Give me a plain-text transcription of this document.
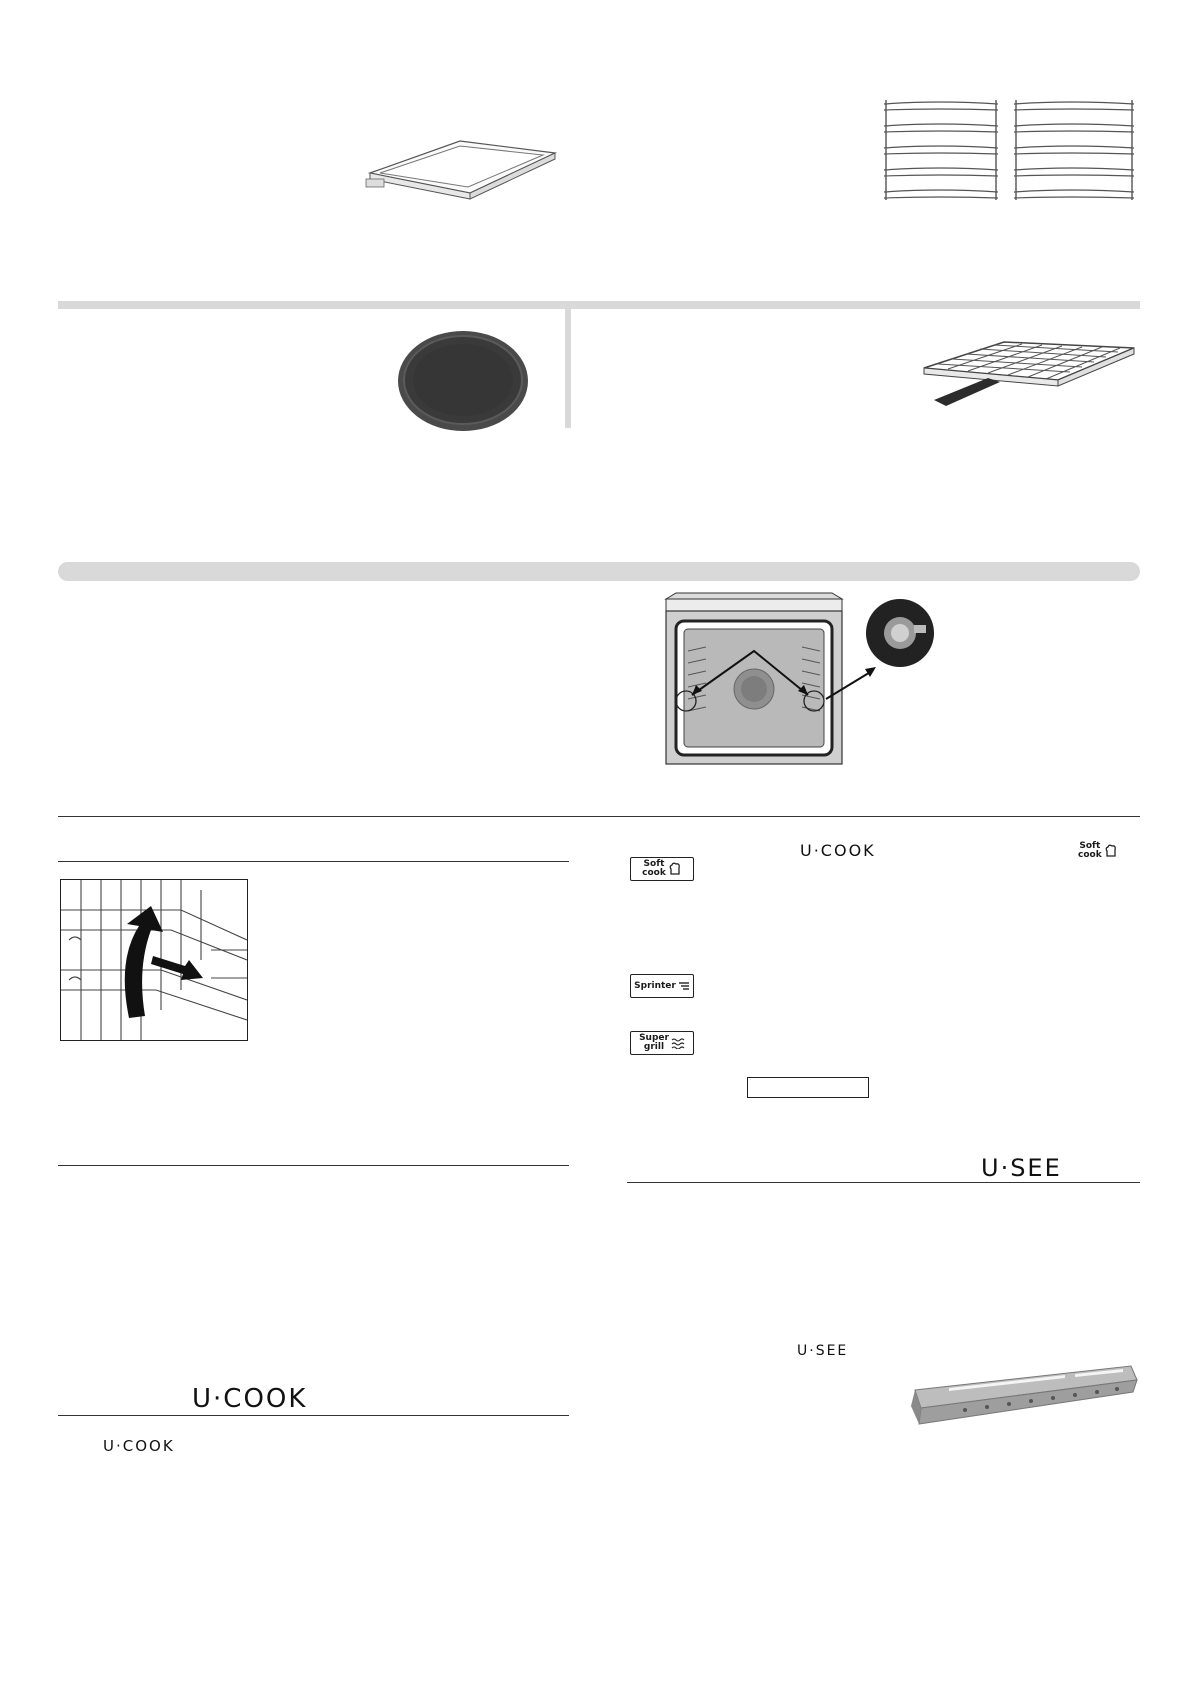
U·COOK
U·COOK
U·COOK
U·SEE
U·SEE
Soft
cook
Soft
cook
Sprinter
Super
grill
